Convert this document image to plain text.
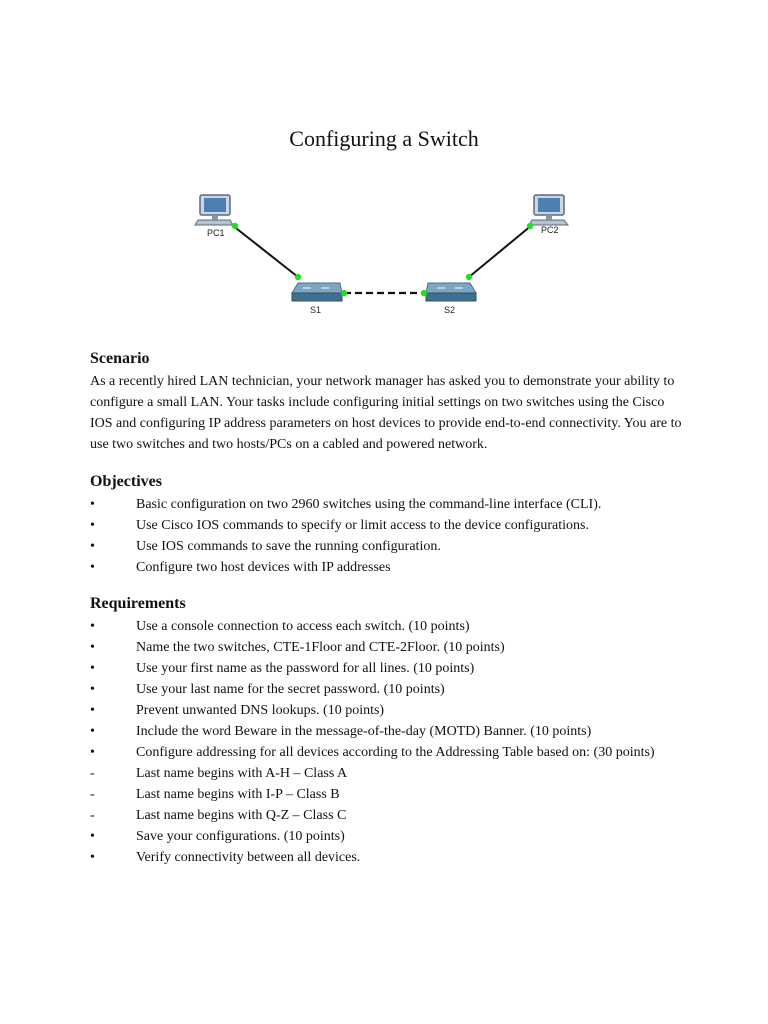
Configuring a Switch
PC1	PC2
S1	S2
Scenario

As a recently hired LAN technician, your network manager has asked you to demonstrate your ability to configure a small LAN. Your tasks include configuring initial settings on two switches using the Cisco IOS and configuring IP address parameters on host devices to provide end-to-end connectivity. You are to use two switches and two hosts/PCs on a cabled and powered network.

Objectives
•	Basic configuration on two 2960 switches using the command-line interface (CLI).
•	Use Cisco IOS commands to specify or limit access to the device configurations.
•	Use IOS commands to save the running configuration.
•	Configure two host devices with IP addresses
Requirements
•	Use a console connection to access each switch. (10 points)
•	Name the two switches, CTE-1Floor and CTE-2Floor. (10 points)
•	Use your first name as the password for all lines. (10 points)
•	Use your last name for the secret password. (10 points)
•	Prevent unwanted DNS lookups. (10 points)
•	Include the word Beware in the message-of-the-day (MOTD) Banner. (10 points)
•	Configure addressing for all devices according to the Addressing Table based on: (30 points)
-	Last name begins with A-H – Class A
-	Last name begins with I-P – Class B
-	Last name begins with Q-Z – Class C
•	Save your configurations. (10 points)
•	Verify connectivity between all devices.
